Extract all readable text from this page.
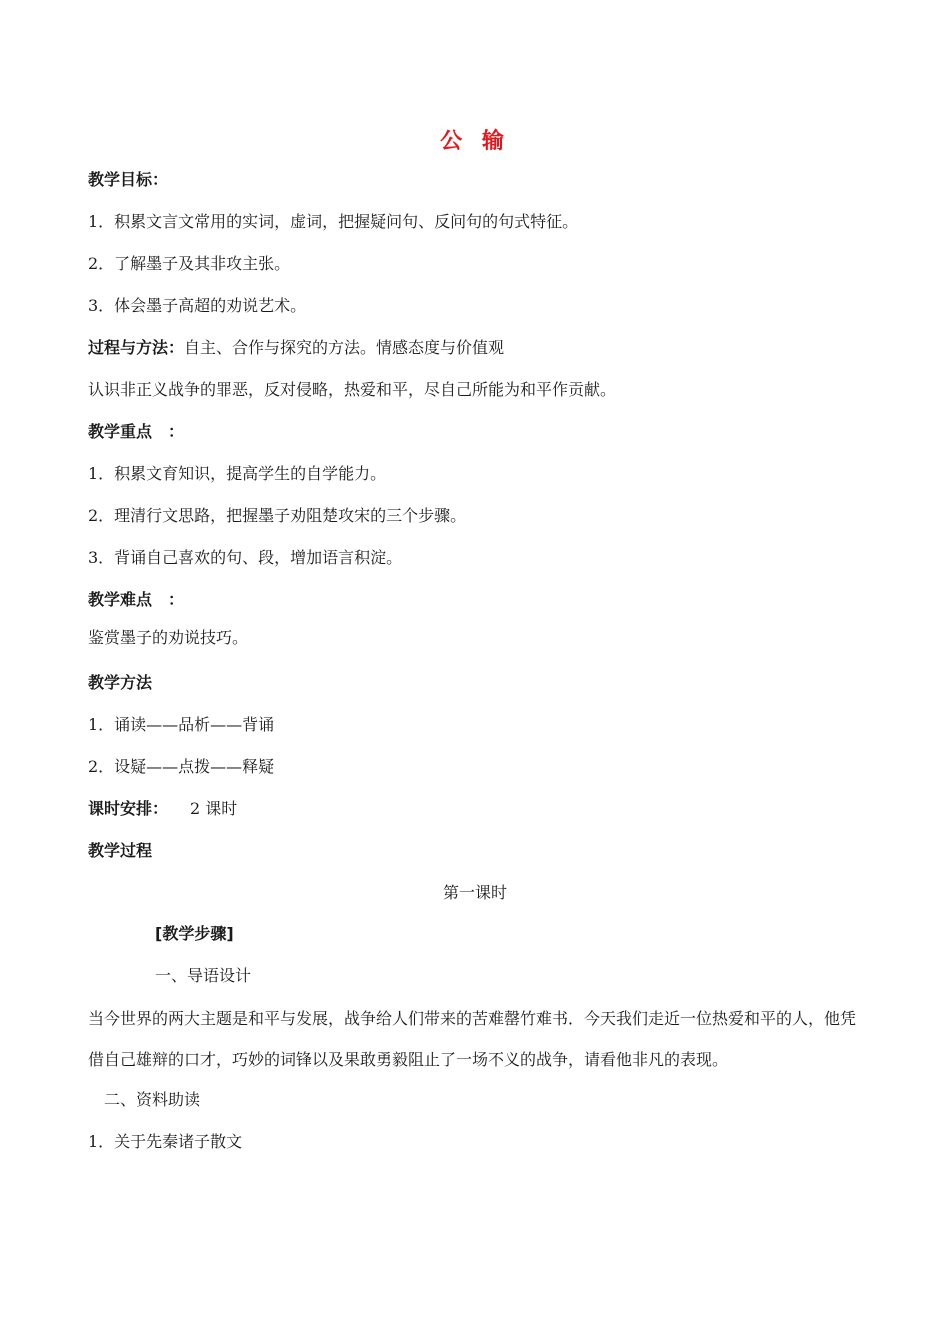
公 输
教学目标：
1．积累文言文常用的实词，虚词，把握疑问句、反问句的句式特征。
2．了解墨子及其非攻主张。
3．体会墨子高超的劝说艺术。
过程与方法：自主、合作与探究的方法。情感态度与价值观
认识非正义战争的罪恶，反对侵略，热爱和平，尽自己所能为和平作贡献。
教学重点　：
1．积累文育知识，提高学生的自学能力。
2．理清行文思路，把握墨子劝阻楚攻宋的三个步骤。
3．背诵自己喜欢的句、段，增加语言积淀。
教学难点　：
鉴赏墨子的劝说技巧。
教学方法
1．诵读——品析——背诵
2．设疑——点拨——释疑
课时安排： 2 课时
教学过程
第一课时
[教学步骤]
一、导语设计
当今世界的两大主题是和平与发展，战争给人们带来的苦难罄竹难书．今天我们走近一位热爱和平的人，他凭借自己雄辩的口才，巧妙的词锋以及果敢勇毅阻止了一场不义的战争，请看他非凡的表现。
二、资料助读
1．关于先秦诸子散文
